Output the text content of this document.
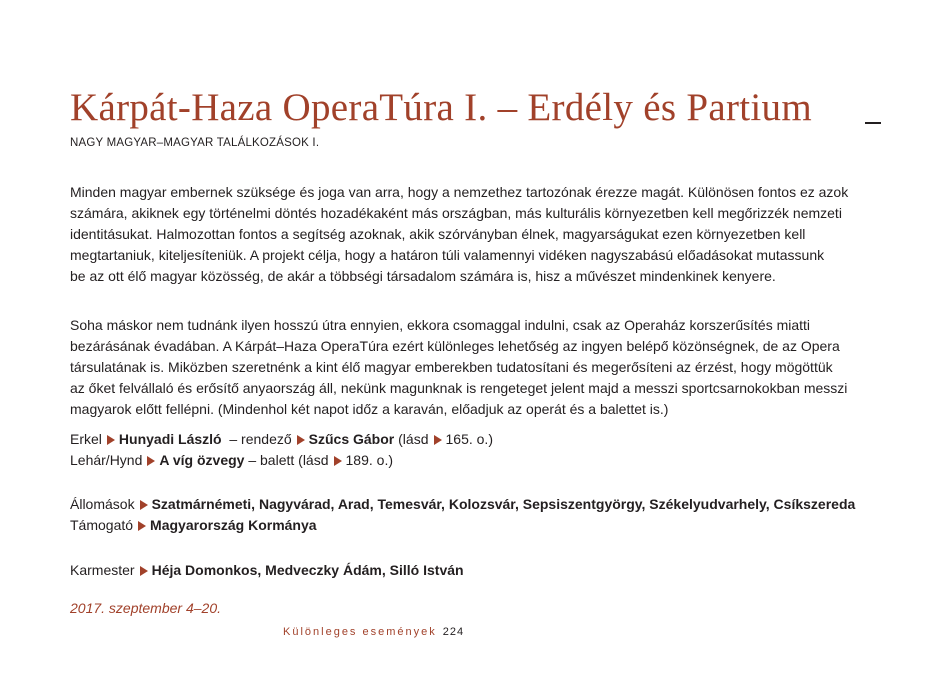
Kárpát-Haza OperaTúra I. – Erdély és Partium
NAGY MAGYAR–MAGYAR TALÁLKOZÁSOK I.
Minden magyar embernek szüksége és joga van arra, hogy a nemzethez tartozónak érezze magát. Különösen fontos ez azok
számára, akiknek egy történelmi döntés hozadékaként más országban, más kulturális környezetben kell megőrizzék nemzeti
identitásukat. Halmozottan fontos a segítség azoknak, akik szórványban élnek, magyarságukat ezen környezetben kell
megtartaniuk, kiteljesíteniük. A projekt célja, hogy a határon túli valamennyi vidéken nagyszabású előadásokat mutassunk
be az ott élő magyar közösség, de akár a többségi társadalom számára is, hisz a művészet mindenkinek kenyere.
Soha máskor nem tudnánk ilyen hosszú útra ennyien, ekkora csomaggal indulni, csak az Operaház korszerűsítés miatti
bezárásának évadában. A Kárpát–Haza OperaTúra ezért különleges lehetőség az ingyen belépő közönségnek, de az Opera
társulatának is. Miközben szeretnénk a kint élő magyar emberekben tudatosítani és megerősíteni az érzést, hogy mögöttük
az őket felvállaló és erősítő anyaország áll, nekünk magunknak is rengeteget jelent majd a messzi sportcsarnokokban messzi
magyarok előtt fellépni. (Mindenhol két napot időz a karaván, előadjuk az operát és a balettet is.)
Erkel Hunyadi László – rendező Szűcs Gábor (lásd 165. o.)
Lehár/Hynd A víg özvegy – balett (lásd 189. o.)
Állomások Szatmárnémeti, Nagyvárad, Arad, Temesvár, Kolozsvár, Sepsiszentgyörgy, Székelyudvarhely, Csíkszereda
Támogató Magyarország Kormánya
Karmester Héja Domonkos, Medveczky Ádám, Silló István
2017. szeptember 4–20.
Különleges események 224
